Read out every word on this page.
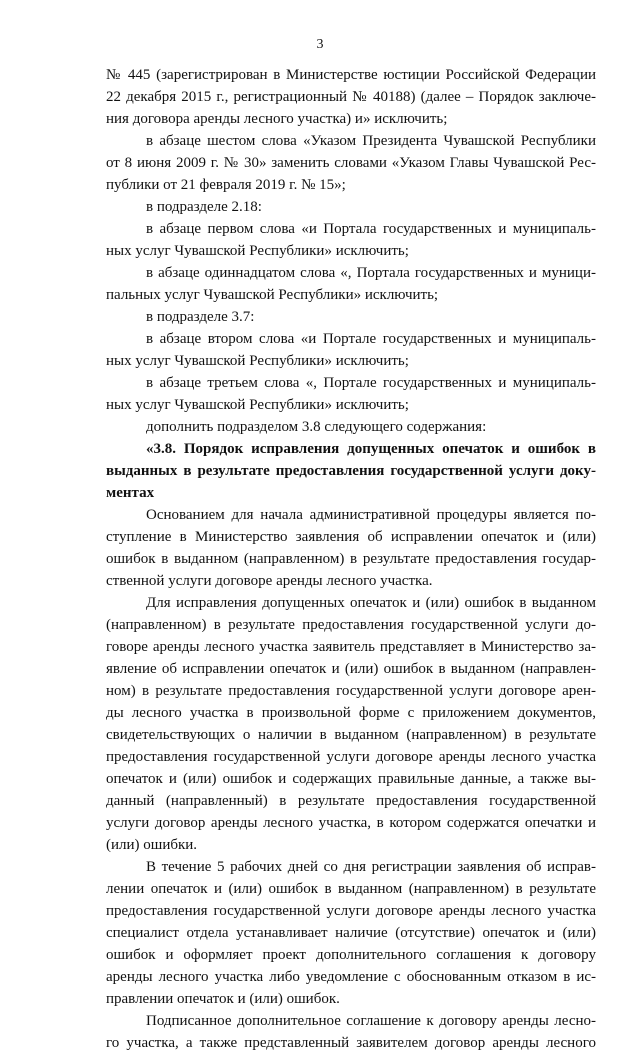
3
№ 445 (зарегистрирован в Министерстве юстиции Российской Федерации
22 декабря 2015 г., регистрационный № 40188) (далее – Порядок заключе-
ния договора аренды лесного участка) и» исключить;
в абзаце шестом слова «Указом Президента Чувашской Республики
от 8 июня 2009 г. № 30» заменить словами «Указом Главы Чувашской Рес-
публики от 21 февраля 2019 г. № 15»;
в подразделе 2.18:
в абзаце первом слова «и Портала государственных и муниципаль-
ных услуг Чувашской Республики» исключить;
в абзаце одиннадцатом слова «, Портала государственных и муници-
пальных услуг Чувашской Республики» исключить;
в подразделе 3.7:
в абзаце втором слова «и Портале государственных и муниципаль-
ных услуг Чувашской Республики» исключить;
в абзаце третьем слова «, Портале государственных и муниципаль-
ных услуг Чувашской Республики» исключить;
дополнить подразделом 3.8 следующего содержания:
«3.8. Порядок исправления допущенных опечаток и ошибок в
выданных в результате предоставления государственной услуги доку-
ментах
Основанием для начала административной процедуры является по-
ступление в Министерство заявления об исправлении опечаток и (или)
ошибок в выданном (направленном) в результате предоставления государ-
ственной услуги договоре аренды лесного участка.
Для исправления допущенных опечаток и (или) ошибок в выданном
(направленном) в результате предоставления государственной услуги до-
говоре аренды лесного участка заявитель представляет в Министерство за-
явление об исправлении опечаток и (или) ошибок в выданном (направлен-
ном) в результате предоставления государственной услуги договоре арен-
ды лесного участка в произвольной форме с приложением документов,
свидетельствующих о наличии в выданном (направленном) в результате
предоставления государственной услуги договоре аренды лесного участка
опечаток и (или) ошибок и содержащих правильные данные, а также вы-
данный (направленный) в результате предоставления государственной
услуги договор аренды лесного участка, в котором содержатся опечатки и
(или) ошибки.
В течение 5 рабочих дней со дня регистрации заявления об исправ-
лении опечаток и (или) ошибок в выданном (направленном) в результате
предоставления государственной услуги договоре аренды лесного участка
специалист отдела устанавливает наличие (отсутствие) опечаток и (или)
ошибок и оформляет проект дополнительного соглашения к договору
аренды лесного участка либо уведомление с обоснованным отказом в ис-
правлении опечаток и (или) ошибок.
Подписанное дополнительное соглашение к договору аренды лесно-
го участка, а также представленный заявителем договор аренды лесного
